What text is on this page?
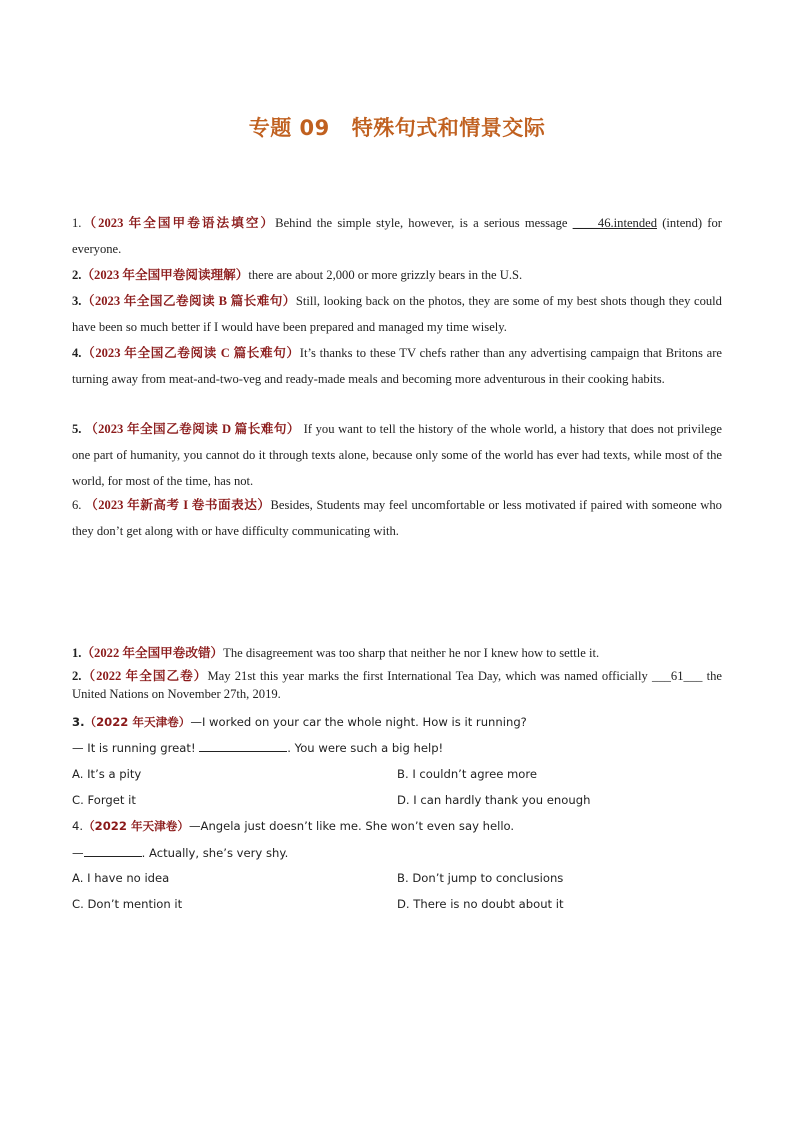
专题 09 特殊句式和情景交际
1.（2023 年全国甲卷语法填空）Behind the simple style, however, is a serious message ____46.intended (intend) for everyone.
2.（2023 年全国甲卷阅读理解）there are about 2,000 or more grizzly bears in the U.S.
3.（2023 年全国乙卷阅读 B 篇长难句）Still, looking back on the photos, they are some of my best shots though they could have been so much better if I would have been prepared and managed my time wisely.
4.（2023 年全国乙卷阅读 C 篇长难句）It’s thanks to these TV chefs rather than any advertising campaign that Britons are turning away from meat-and-two-veg and ready-made meals and becoming more adventurous in their cooking habits.
5. （2023 年全国乙卷阅读 D 篇长难句） If you want to tell the history of the whole world, a history that does not privilege one part of humanity, you cannot do it through texts alone, because only some of the world has ever had texts, while most of the world, for most of the time, has not.
6. （2023 年新高考 I 卷书面表达）Besides, Students may feel uncomfortable or less motivated if paired with someone who they don’t get along with or have difficulty communicating with.
1.（2022 年全国甲卷改错）The disagreement was too sharp that neither he nor I knew how to settle it.
2.（2022 年全国乙卷）May 21st this year marks the first International Tea Day, which was named officially ___61___ the United Nations on November 27th, 2019.
3.（2022 年天津卷）—I worked on your car the whole night. How is it running?
— It is running great!	. You were such a big help!
A. It’s a pity	B. I couldn’t agree more
C. Forget it	D. I can hardly thank you enough
4.（2022 年天津卷）—Angela just doesn’t like me. She won’t even say hello.
—	. Actually, she’s very shy.
A. I have no idea	B. Don’t jump to conclusions
C. Don’t mention it	D. There is no doubt about it
